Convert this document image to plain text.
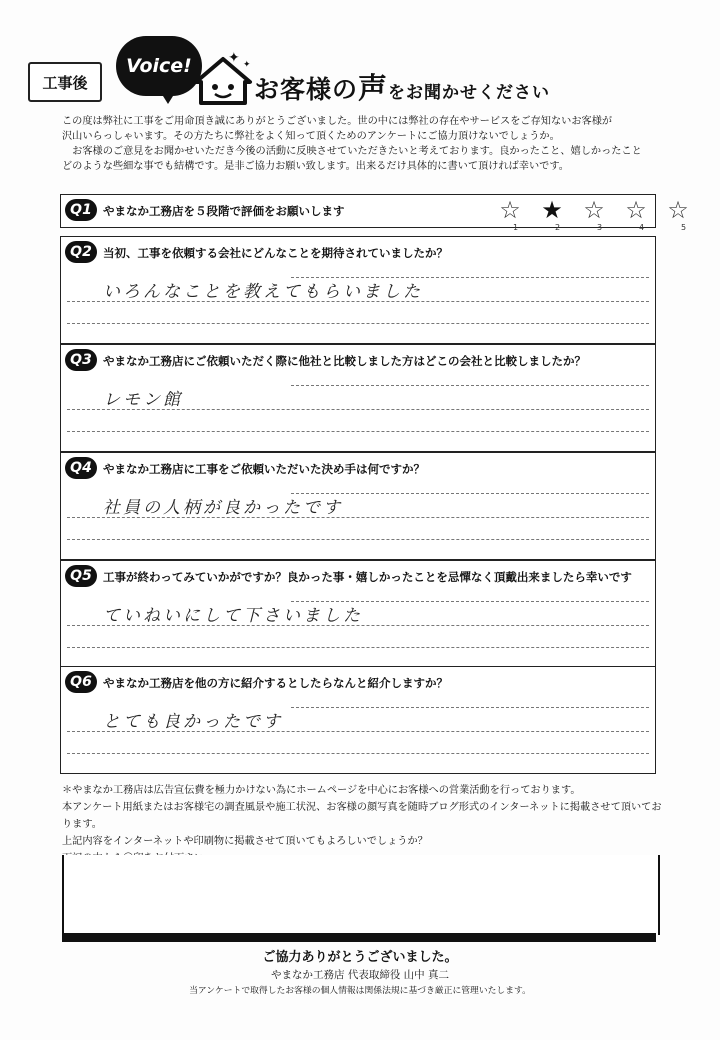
工事後
Voice!	✦ ✦
お客様の声をお聞かせください
この度は弊社に工事をご用命頂き誠にありがとうございました。世の中には弊社の存在やサービスをご存知ないお客様が
沢山いらっしゃいます。その方たちに弊社をよく知って頂くためのアンケートにご協力頂けないでしょうか。
　お客様のご意見をお聞かせいただき今後の活動に反映させていただきたいと考えております。良かったこと、嬉しかったこと
どのような些細な事でも結構です。是非ご協力お願い致します。出来るだけ具体的に書いて頂ければ幸いです。
Q1 やまなか工務店を５段階で評価をお願いします	☆
1
★
2
☆
3
☆
4
☆
5
Q2 当初、工事を依頼する会社にどんなことを期待されていましたか？
いろんなことを教えてもらいました
Q3 やまなか工務店にご依頼いただく際に他社と比較しました方はどこの会社と比較しましたか？
レモン館
Q4 やまなか工務店に工事をご依頼いただいた決め手は何ですか？
社員の人柄が良かったです
Q5 工事が終わってみていかがですか？良かった事・嬉しかったことを忌憚なく頂戴出来ましたら幸いです
ていねいにして下さいました
Q6 やまなか工務店を他の方に紹介するとしたらなんと紹介しますか？
とても良かったです
＊やまなか工務店は広告宣伝費を極力かけない為にホームページを中心にお客様への営業活動を行っております。
本アンケート用紙またはお客様宅の調査風景や施工状況、お客様の顔写真を随時ブログ形式のインターネットに掲載させて頂いております。
上記内容をインターネットや印刷物に掲載させて頂いてもよろしいでしょうか？

ご協力ありがとうございました。
やまなか工務店 代表取締役 山中 真二
当アンケートで取得したお客様の個人情報は関係法規に基づき厳正に管理いたします。
